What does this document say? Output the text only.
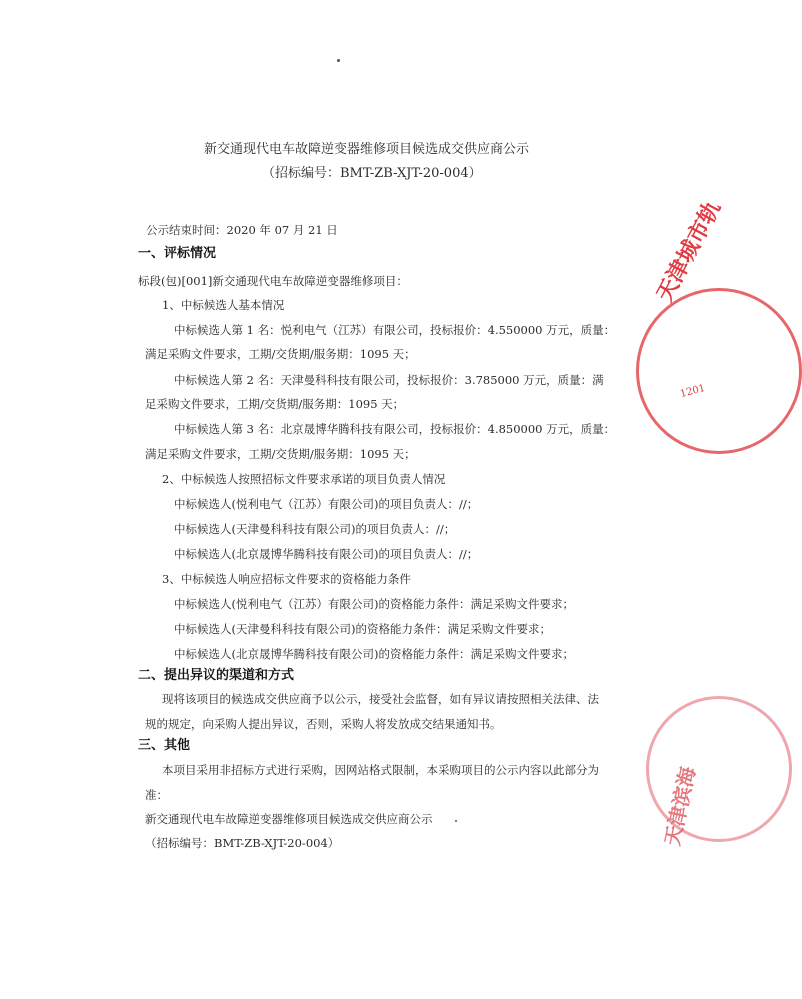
新交通现代电车故障逆变器维修项目候选成交供应商公示
（招标编号：BMT-ZB-XJT-20-004）
公示结束时间：2020 年 07 月 21 日
一、评标情况
标段(包)[001]新交通现代电车故障逆变器维修项目：
1、中标候选人基本情况
中标候选人第 1 名：悦利电气（江苏）有限公司，投标报价：4.550000 万元，质量：
满足采购文件要求，工期/交货期/服务期：1095 天；
中标候选人第 2 名：天津曼科科技有限公司，投标报价：3.785000 万元，质量：满
足采购文件要求，工期/交货期/服务期：1095 天；
中标候选人第 3 名：北京晟博华腾科技有限公司，投标报价：4.850000 万元，质量：
满足采购文件要求，工期/交货期/服务期：1095 天；
2、中标候选人按照招标文件要求承诺的项目负责人情况
中标候选人(悦利电气（江苏）有限公司)的项目负责人：//；
中标候选人(天津曼科科技有限公司)的项目负责人：//；
中标候选人(北京晟博华腾科技有限公司)的项目负责人：//；
3、中标候选人响应招标文件要求的资格能力条件
中标候选人(悦利电气（江苏）有限公司)的资格能力条件：满足采购文件要求；
中标候选人(天津曼科科技有限公司)的资格能力条件：满足采购文件要求；
中标候选人(北京晟博华腾科技有限公司)的资格能力条件：满足采购文件要求；
二、提出异议的渠道和方式
现将该项目的候选成交供应商予以公示，接受社会监督，如有异议请按照相关法律、法
规的规定，向采购人提出异议，否则，采购人将发放成交结果通知书。
三、其他
本项目采用非招标方式进行采购，因网站格式限制，本采购项目的公示内容以此部分为
准：
新交通现代电车故障逆变器维修项目候选成交供应商公示
（招标编号：BMT-ZB-XJT-20-004）
天津城市轨
1201
天津滨海
